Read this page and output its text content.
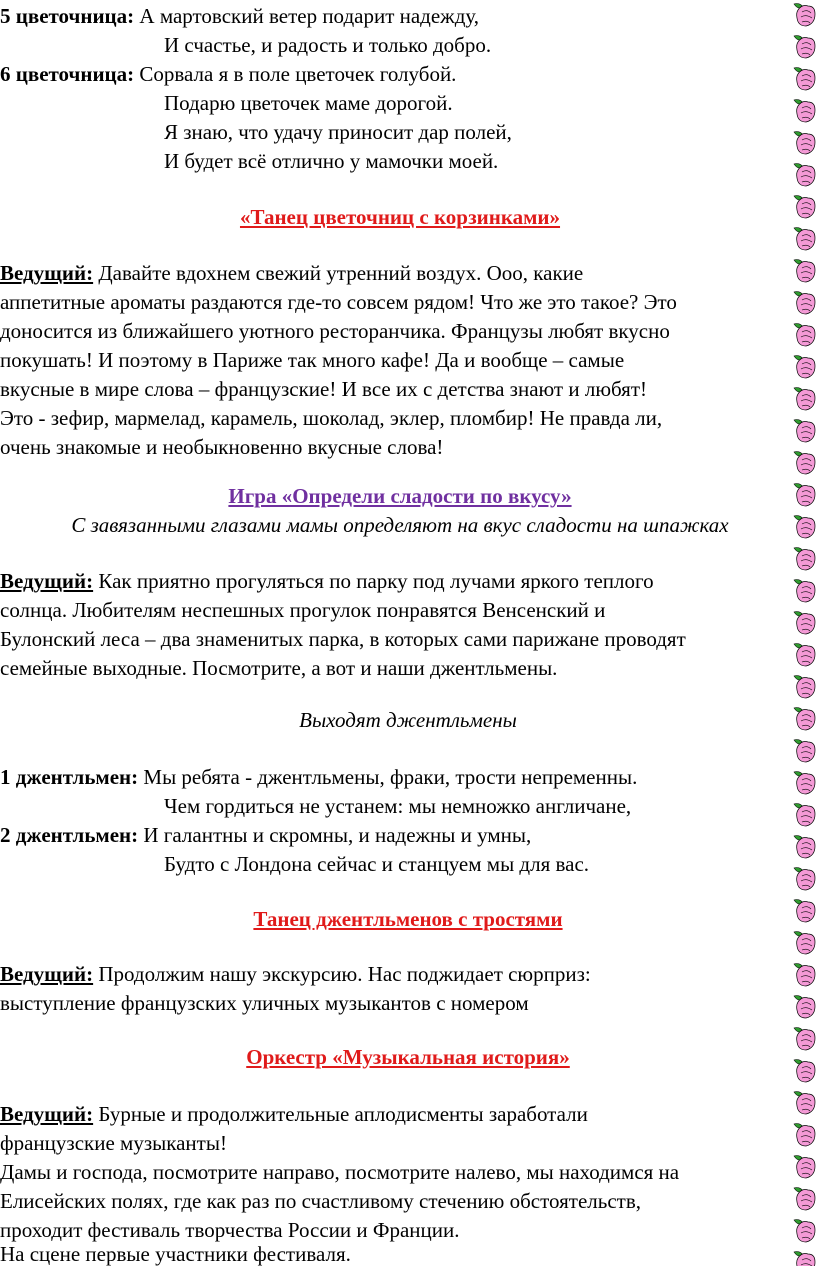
5 цветочница: А мартовский ветер подарит надежду,
И счастье, и радость и только добро.
6 цветочница: Сорвала я в поле цветочек голубой.
Подарю цветочек маме дорогой.
Я знаю, что удачу приносит дар полей,
И будет всё отлично у мамочки моей.
«Танец цветочниц с корзинками»
Ведущий: Давайте вдохнем свежий утренний воздух. Ооо, какие
аппетитные ароматы раздаются где-то совсем рядом! Что же это такое? Это
доносится из ближайшего уютного ресторанчика. Французы любят вкусно
покушать! И поэтому в Париже так много кафе! Да и вообще – самые
вкусные в мире слова – французские! И все их с детства знают и любят!
Это - зефир, мармелад, карамель, шоколад, эклер, пломбир! Не правда ли,
очень знакомые и необыкновенно вкусные слова!
Игра «Определи сладости по вкусу»
С завязанными глазами мамы определяют на вкус сладости на шпажках
Ведущий: Как приятно прогуляться по парку под лучами яркого теплого
солнца. Любителям неспешных прогулок понравятся Венсенский и
Булонский леса – два знаменитых парка, в которых сами парижане проводят
семейные выходные. Посмотрите, а вот и наши джентльмены.
Выходят джентльмены
1 джентльмен: Мы ребята - джентльмены, фраки, трости непременны.
Чем гордиться не устанем: мы немножко англичане,
2 джентльмен: И галантны и скромны, и надежны и умны,
Будто с Лондона сейчас и станцуем мы для вас.
Танец джентльменов с тростями
Ведущий: Продолжим нашу экскурсию. Нас поджидает сюрприз:
выступление французских уличных музыкантов с номером
Оркестр «Музыкальная история»
Ведущий: Бурные и продолжительные аплодисменты заработали
французские музыканты!
Дамы и господа, посмотрите направо, посмотрите налево, мы находимся на
Елисейских полях, где как раз по счастливому стечению обстоятельств,
проходит фестиваль творчества России и Франции.
На сцене первые участники фестиваля.
